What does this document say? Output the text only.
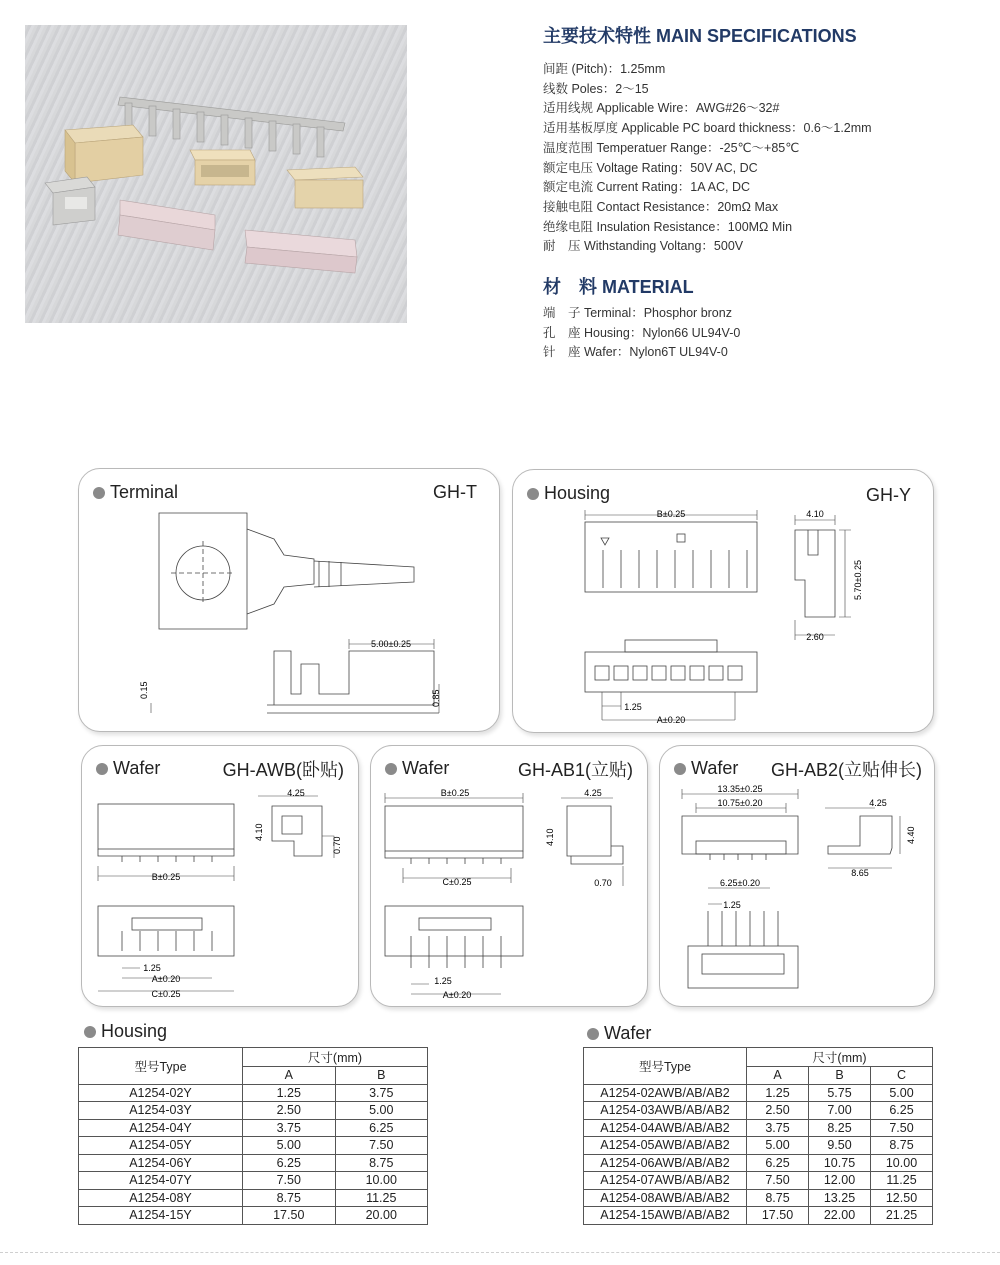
主要技术特性 MAIN SPECIFICATIONS
间距 (Pitch)：1.25mm
线数 Poles：2～15
适用线规 Applicable Wire：AWG#26～32#
适用基板厚度 Applicable PC board thickness：0.6～1.2mm
温度范围 Temperatuer Range：-25℃～+85℃
额定电压 Voltage Rating：50V AC, DC
额定电流 Current Rating：1A AC, DC
接触电阻 Contact Resistance：20mΩ Max
绝缘电阻 Insulation Resistance：100MΩ Min
耐　压 Withstanding Voltang：500V
材　料 MATERIAL
端　子 Terminal：Phosphor bronz
孔　座 Housing：Nylon66 UL94V-0
针　座 Wafer：Nylon6T UL94V-0
Terminal	GH-T
5.00±0.25
0.15	0.85
Housing	GH-Y
B±0.25	4.10
5.70±0.25
2.60
1.25
A±0.20
Wafer	GH-AWB(卧贴)
4.25
4.10
0.70
B±0.25
1.25
A±0.20
C±0.25
Wafer	GH-AB1(立贴)
B±0.25	4.25
4.10
C±0.25	0.70
1.25
A±0.20
Wafer GH-AB2(立贴伸长)
13.35±0.25
10.75±0.20	4.25
4.40
8.65
6.25±0.20
1.25
Housing
型号Type	尺寸(mm)	
	A	B
A1254-02Y	1.25	3.75
A1254-03Y	2.50	5.00
A1254-04Y	3.75	6.25
A1254-05Y	5.00	7.50
A1254-06Y	6.25	8.75
A1254-07Y	7.50	10.00
A1254-08Y	8.75	11.25
A1254-15Y	17.50	20.00
Wafer
型号Type	尺寸(mm)		
	A	B	C
A1254-02AWB/AB/AB2	1.25	5.75	5.00
A1254-03AWB/AB/AB2	2.50	7.00	6.25
A1254-04AWB/AB/AB2	3.75	8.25	7.50
A1254-05AWB/AB/AB2	5.00	9.50	8.75
A1254-06AWB/AB/AB2	6.25	10.75	10.00
A1254-07AWB/AB/AB2	7.50	12.00	11.25
A1254-08AWB/AB/AB2	8.75	13.25	12.50
A1254-15AWB/AB/AB2	17.50	22.00	21.25
